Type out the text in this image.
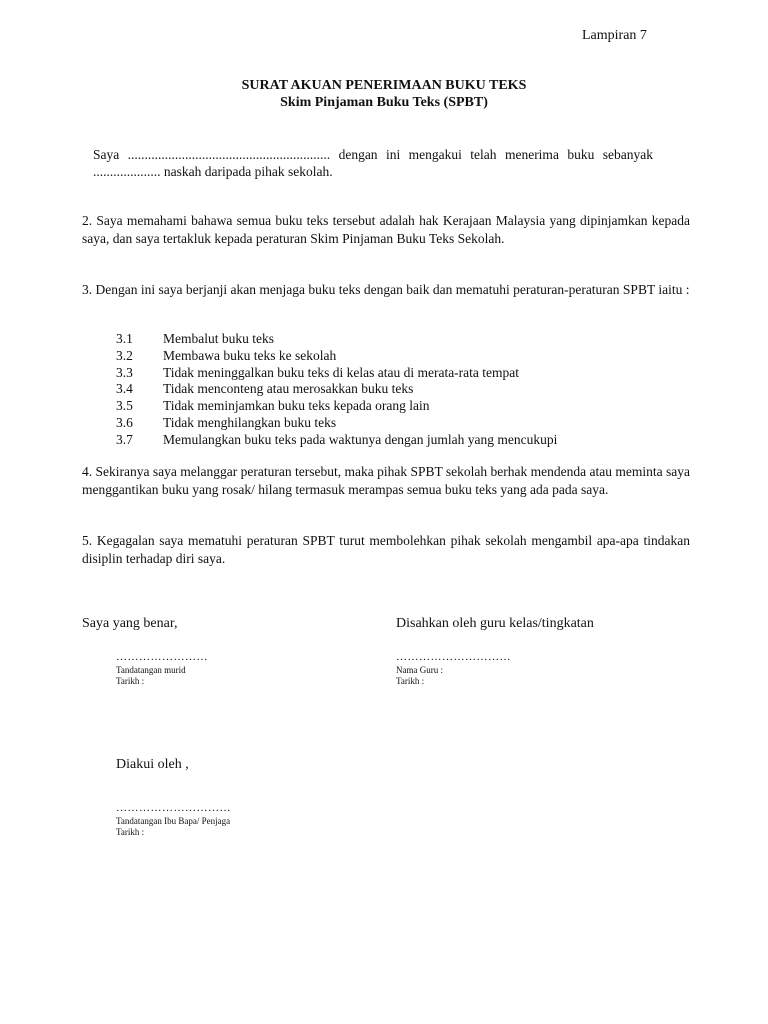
Lampiran 7
SURAT AKUAN PENERIMAAN BUKU TEKS
Skim Pinjaman Buku Teks (SPBT)
Saya ............................................................ dengan ini mengakui telah menerima buku sebanyak .................... naskah daripada pihak sekolah.
2. Saya memahami bahawa semua buku teks tersebut adalah hak Kerajaan Malaysia yang dipinjamkan kepada saya, dan saya tertakluk kepada peraturan Skim Pinjaman Buku Teks Sekolah.
3. Dengan ini saya berjanji akan menjaga buku teks dengan baik dan mematuhi peraturan-peraturan SPBT iaitu :
3.1	Membalut buku teks
3.2	Membawa buku teks ke sekolah
3.3	Tidak meninggalkan buku teks di kelas atau di merata-rata tempat
3.4	Tidak menconteng atau merosakkan buku teks
3.5	Tidak meminjamkan buku teks kepada orang lain
3.6	Tidak menghilangkan buku teks
3.7	Memulangkan buku teks pada waktunya dengan jumlah yang mencukupi
4. Sekiranya saya melanggar peraturan tersebut, maka pihak SPBT sekolah berhak mendenda atau meminta saya menggantikan buku yang rosak/ hilang termasuk merampas semua buku teks yang ada pada saya.
5. Kegagalan saya mematuhi peraturan SPBT turut membolehkan pihak sekolah mengambil apa-apa tindakan disiplin terhadap diri saya.
Saya yang benar,	Disahkan oleh guru kelas/tingkatan
……………………	…………………………
Tandatangan murid
Tarikh :
Nama Guru :
Tarikh :
Diakui oleh ,
…………………………
Tandatangan Ibu Bapa/ Penjaga
Tarikh :
